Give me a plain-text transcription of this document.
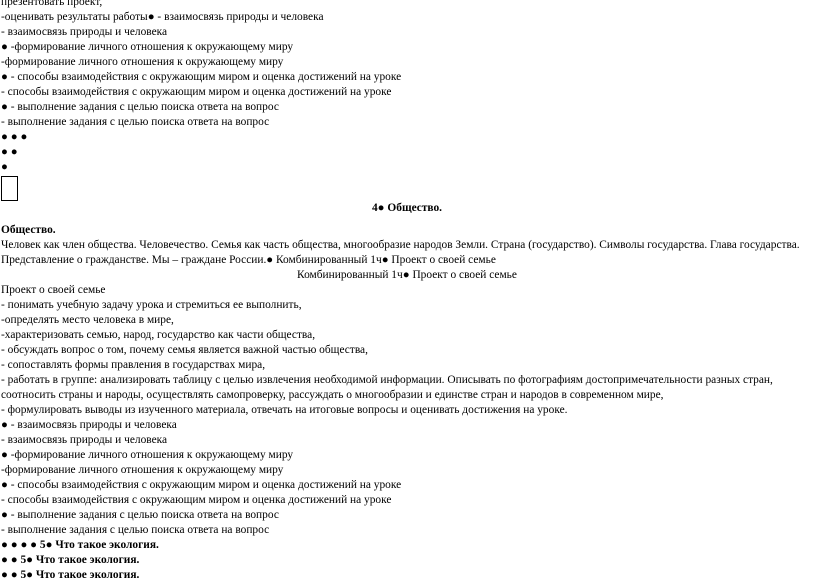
презентовать проект,
-оценивать результаты работы● - взаимосвязь природы и человека
- взаимосвязь природы и человека
● -формирование личного отношения к окружающему миру
-формирование личного отношения к окружающему миру
● - способы взаимодействия с окружающим миром и оценка достижений на уроке
- способы взаимодействия с окружающим миром и оценка достижений на уроке
● - выполнение задания с целью поиска ответа на вопрос
- выполнение задания с целью поиска ответа на вопрос
● ● ●
● ●
●
4● Общество.
Общество.
Человек как член общества. Человечество. Семья как часть общества, многообразие народов Земли. Страна (государство). Символы государства. Глава государства. Представление о гражданстве. Мы – граждане России.● Комбинированный 1ч● Проект о своей семье
Комбинированный 1ч● Проект о своей семье
Проект о своей семье
- понимать учебную задачу урока и стремиться ее выполнить,
-определять место человека в мире,
-характеризовать семью, народ, государство как части общества,
- обсуждать вопрос о том, почему семья является важной частью общества,
- сопоставлять формы правления в государствах мира,
- работать в группе: анализировать таблицу с целью извлечения необходимой информации. Описывать по фотографиям достопримечательности разных стран, соотносить страны и народы, осуществлять самопроверку, рассуждать о многообразии и единстве стран и народов в современном мире,
- формулировать выводы из изученного материала, отвечать на итоговые вопросы и оценивать достижения на уроке.
● - взаимосвязь природы и человека
- взаимосвязь природы и человека
● -формирование личного отношения к окружающему миру
-формирование личного отношения к окружающему миру
● - способы взаимодействия с окружающим миром и оценка достижений на уроке
- способы взаимодействия с окружающим миром и оценка достижений на уроке
● - выполнение задания с целью поиска ответа на вопрос
- выполнение задания с целью поиска ответа на вопрос
● ● ● ● 5● Что такое экология.
● ● 5● Что такое экология.
● ● 5● Что такое экология.
